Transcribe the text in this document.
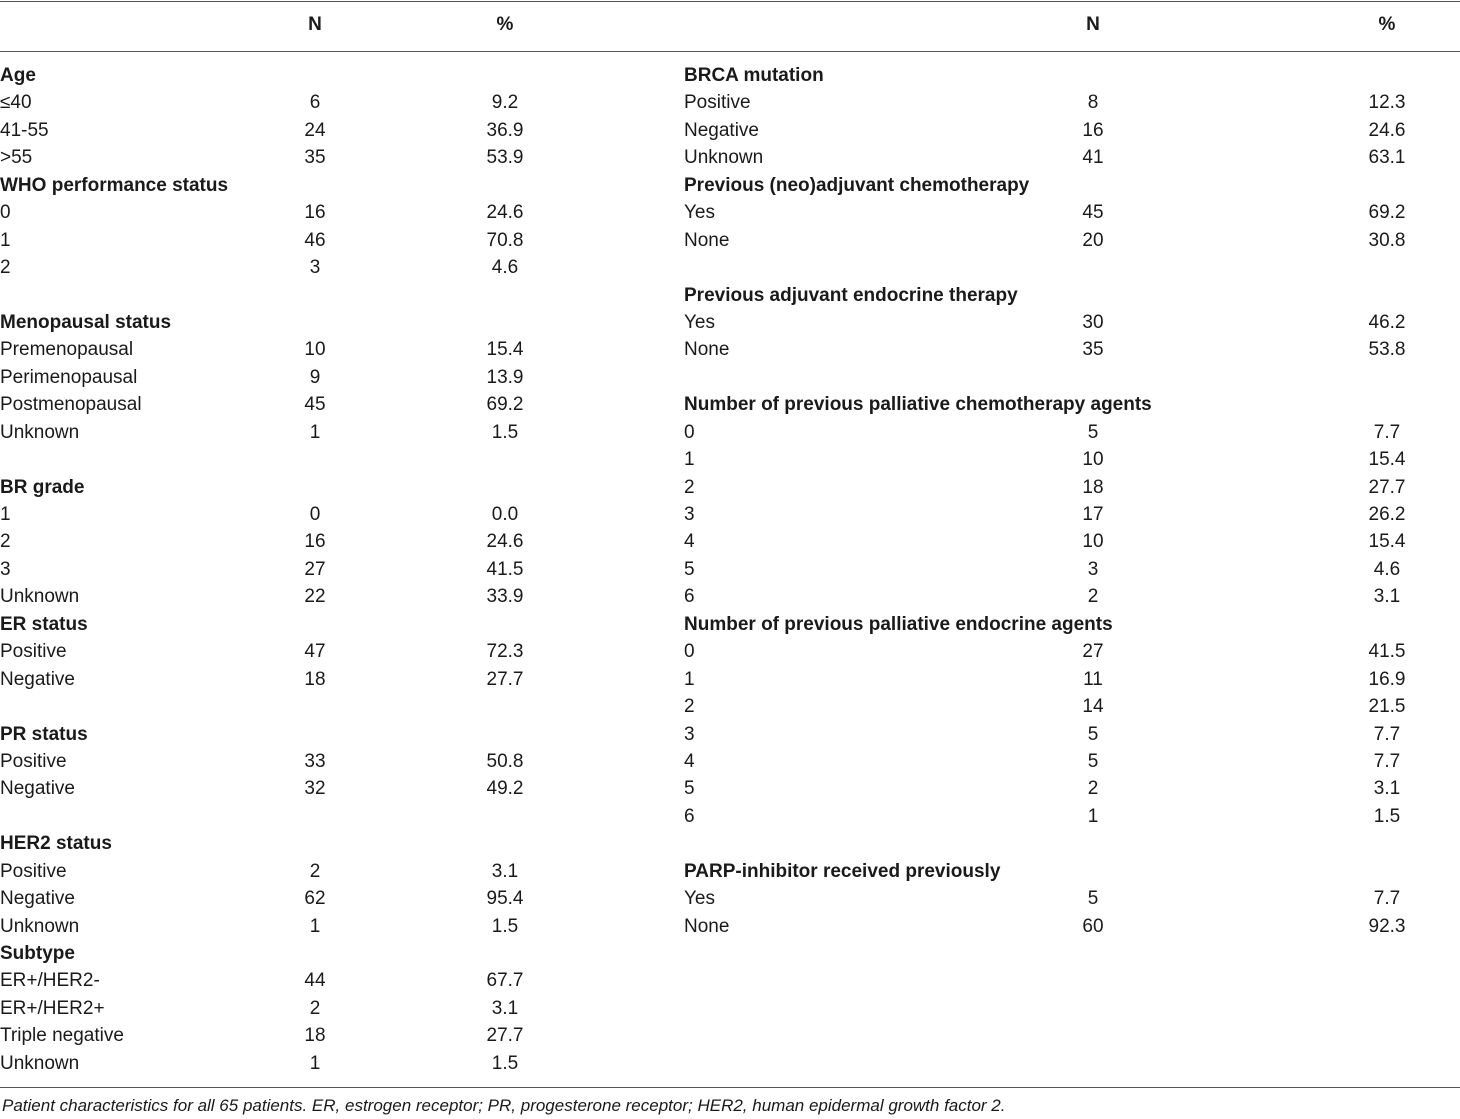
N	%	N	%
Age
≤40	6	9.2
41-55	24	36.9
>55	35	53.9
WHO performance status
0	16	24.6
1	46	70.8
2	3	4.6
Menopausal status
Premenopausal	10	15.4
Perimenopausal	9	13.9
Postmenopausal	45	69.2
Unknown	1	1.5
BR grade
1	0	0.0
2	16	24.6
3	27	41.5
Unknown	22	33.9
ER status
Positive	47	72.3
Negative	18	27.7
PR status
Positive	33	50.8
Negative	32	49.2
HER2 status
Positive	2	3.1
Negative	62	95.4
Unknown	1	1.5
Subtype
ER+/HER2-	44	67.7
ER+/HER2+	2	3.1
Triple negative	18	27.7
Unknown	1	1.5
BRCA mutation
Positive	8	12.3
Negative	16	24.6
Unknown	41	63.1
Previous (neo)adjuvant chemotherapy
Yes	45	69.2
None	20	30.8
Previous adjuvant endocrine therapy
Yes	30	46.2
None	35	53.8
Number of previous palliative chemotherapy agents
0	5	7.7
1	10	15.4
2	18	27.7
3	17	26.2
4	10	15.4
5	3	4.6
6	2	3.1
Number of previous palliative endocrine agents
0	27	41.5
1	11	16.9
2	14	21.5
3	5	7.7
4	5	7.7
5	2	3.1
6	1	1.5
PARP-inhibitor received previously
Yes	5	7.7
None	60	92.3
Patient characteristics for all 65 patients. ER, estrogen receptor; PR, progesterone receptor; HER2, human epidermal growth factor 2.
